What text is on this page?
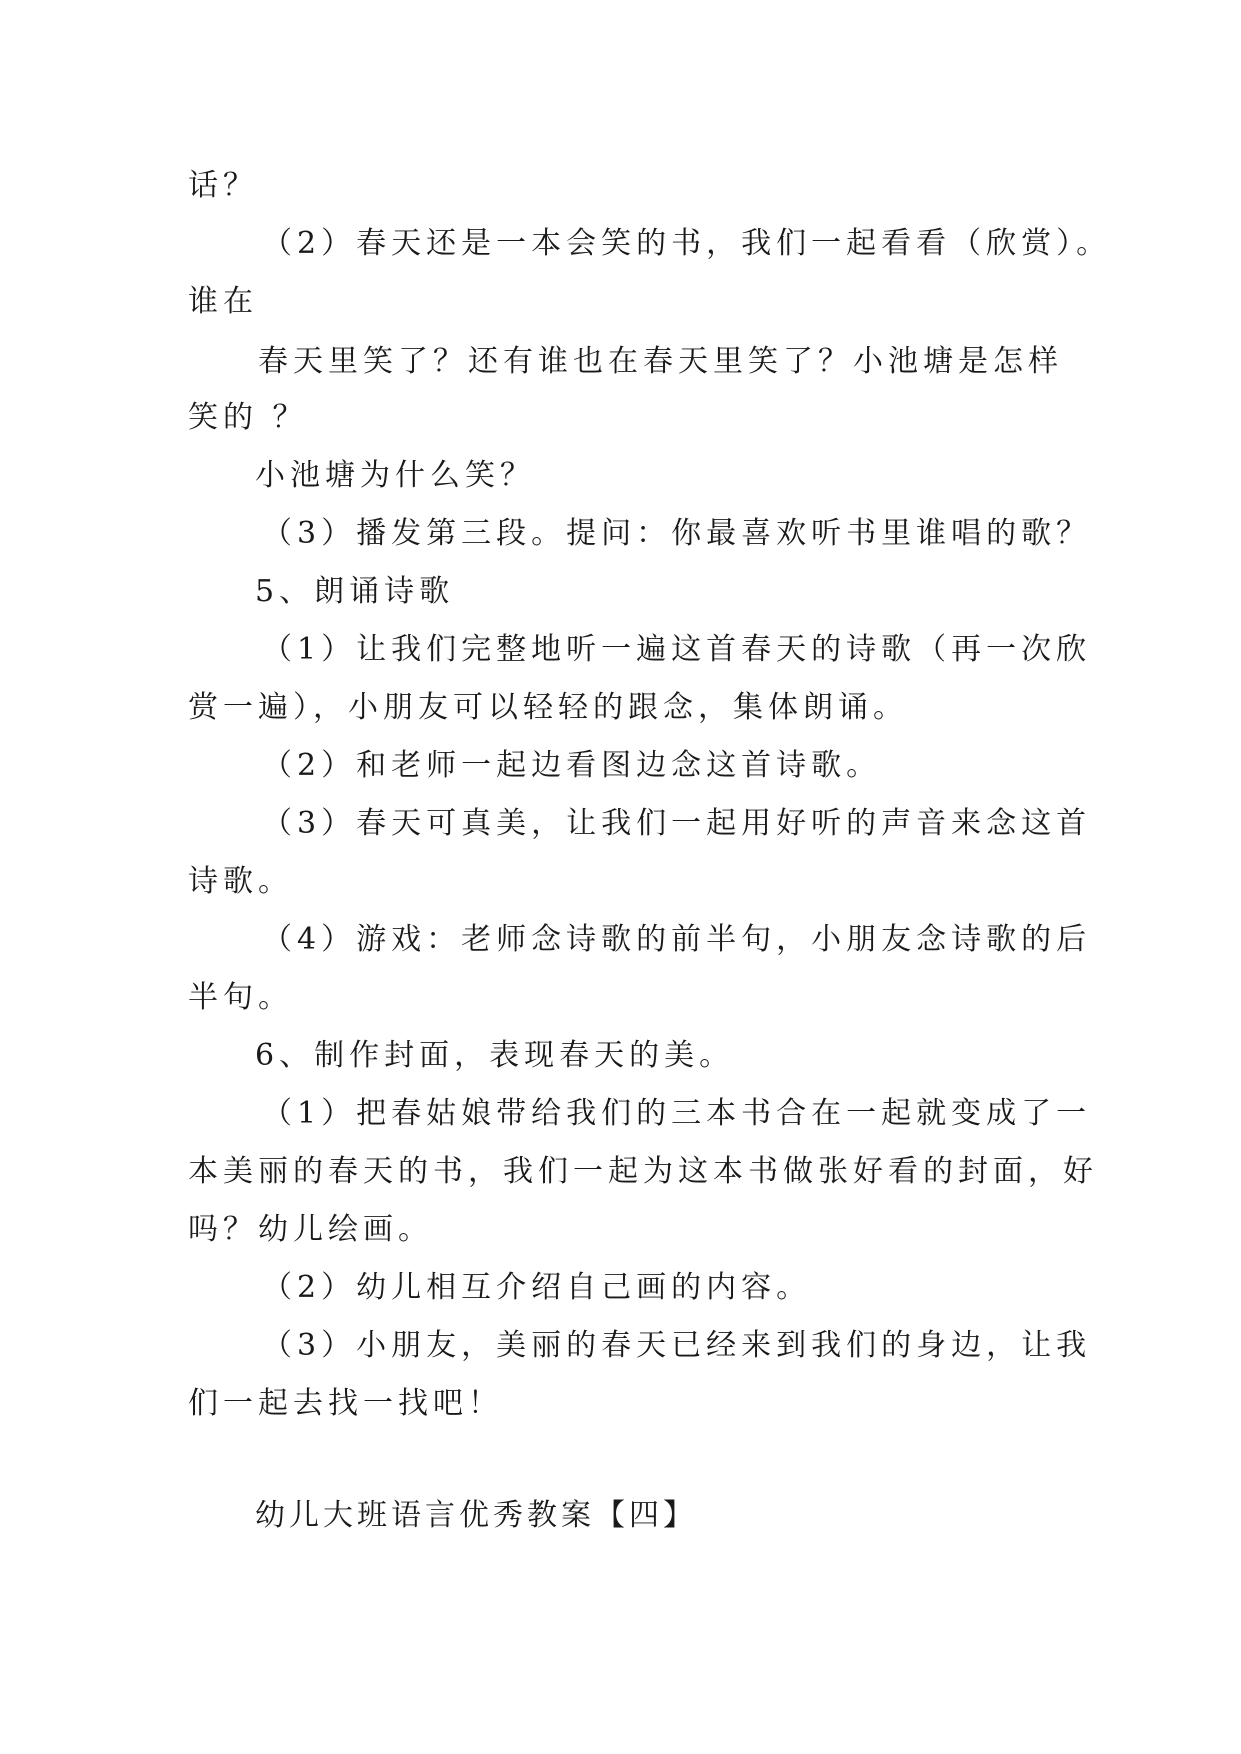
话？
（2）春天还是一本会笑的书，我们一起看看（欣赏）。
谁在
春天里笑了？还有谁也在春天里笑了？小池塘是怎样
笑的 ？
小池塘为什么笑？
（3）播发第三段。提问：你最喜欢听书里谁唱的歌？
5、朗诵诗歌
（1）让我们完整地听一遍这首春天的诗歌（再一次欣
赏一遍），小朋友可以轻轻的跟念，集体朗诵。
（2）和老师一起边看图边念这首诗歌。
（3）春天可真美，让我们一起用好听的声音来念这首
诗歌。
（4）游戏：老师念诗歌的前半句，小朋友念诗歌的后
半句。
6、制作封面，表现春天的美。
（1）把春姑娘带给我们的三本书合在一起就变成了一
本美丽的春天的书，我们一起为这本书做张好看的封面，好
吗？幼儿绘画。
（2）幼儿相互介绍自己画的内容。
（3）小朋友，美丽的春天已经来到我们的身边，让我
们一起去找一找吧！
幼儿大班语言优秀教案【四】
